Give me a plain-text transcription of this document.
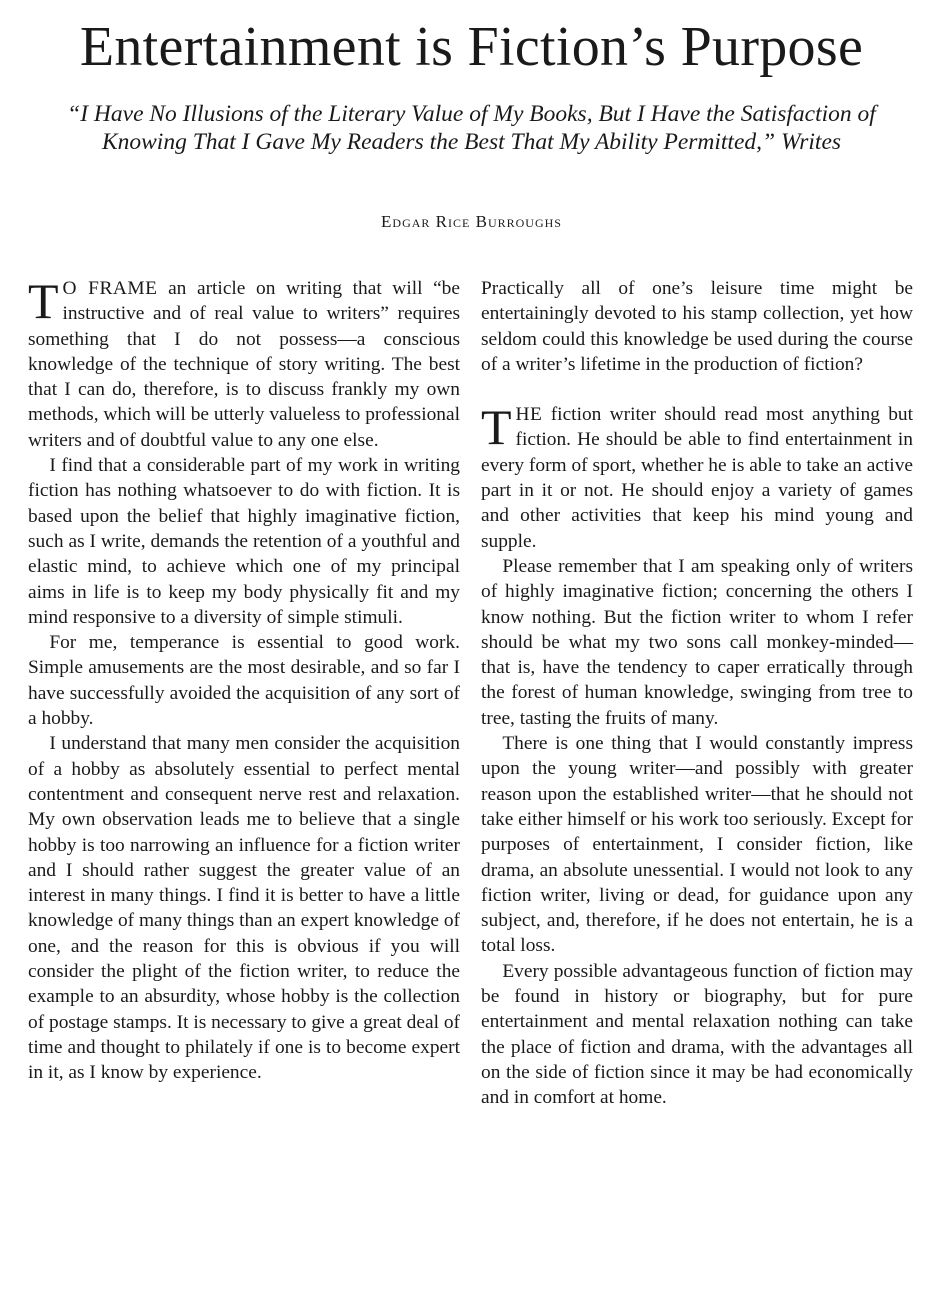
Entertainment is Fiction’s Purpose

“I Have No Illusions of the Literary Value of My Books, But I Have the Satisfaction of Knowing That I Gave My Readers the Best That My Ability Permitted,” Writes

Edgar Rice Burroughs

T O FRAME an article on writing that will “be instructive and of real value to writers” requires something that I do not possess—a conscious knowledge of the technique of story writing. The best that I can do, therefore, is to discuss frankly my own methods, which will be utterly valueless to professional writers and of doubtful value to any one else.

I find that a considerable part of my work in writing fiction has nothing whatsoever to do with fiction. It is based upon the belief that highly imaginative fiction, such as I write, demands the retention of a youthful and elastic mind, to achieve which one of my principal aims in life is to keep my body physically fit and my mind responsive to a diversity of simple stimuli.

For me, temperance is essential to good work. Simple amusements are the most desirable, and so far I have successfully avoided the acquisition of any sort of a hobby.

I understand that many men consider the acquisition of a hobby as absolutely essential to perfect mental contentment and consequent nerve rest and relaxation. My own observation leads me to believe that a single hobby is too narrowing an influence for a fiction writer and I should rather suggest the greater value of an interest in many things. I find it is better to have a little knowledge of many things than an expert knowledge of one, and the reason for this is obvious if you will consider the plight of the fiction writer, to reduce the example to an absurdity, whose hobby is the collection of postage stamps. It is necessary to give a great deal of time and thought to philately if one is to become expert in it, as I know by experience.

Practically all of one’s leisure time might be entertainingly devoted to his stamp collection, yet how seldom could this knowledge be used during the course of a writer’s lifetime in the production of fiction?

THE fiction writer should read most anything but fiction. He should be able to find entertainment in every form of sport, whether he is able to take an active part in it or not. He should enjoy a variety of games and other activities that keep his mind young and supple.

Please remember that I am speaking only of writers of highly imaginative fiction; concerning the others I know nothing. But the fiction writer to whom I refer should be what my two sons call monkey-minded—that is, have the tendency to caper erratically through the forest of human knowledge, swinging from tree to tree, tasting the fruits of many.

There is one thing that I would constantly impress upon the young writer—and possibly with greater reason upon the established writer—that he should not take either himself or his work too seriously. Except for purposes of entertainment, I consider fiction, like drama, an absolute unessential. I would not look to any fiction writer, living or dead, for guidance upon any subject, and, therefore, if he does not entertain, he is a total loss.

Every possible advantageous function of fiction may be found in history or biography, but for pure entertainment and mental relaxation nothing can take the place of fiction and drama, with the advantages all on the side of fiction since it may be had economically and in comfort at home.
